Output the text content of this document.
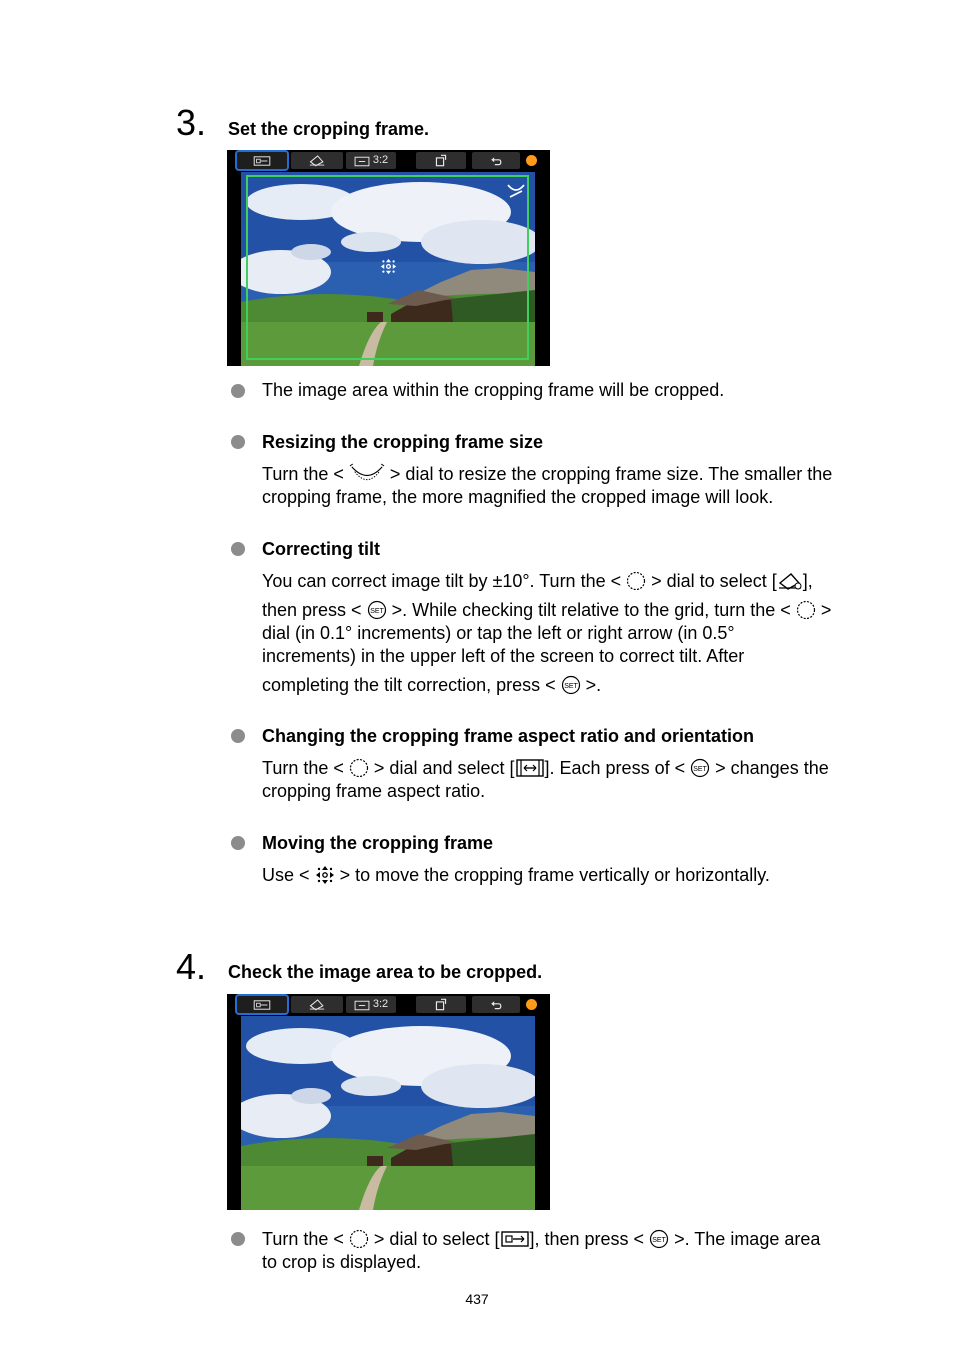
3. Set the cropping frame.
3:2
The image area within the cropping frame will be cropped.
Resizing the cropping frame size
Turn the <	> dial to resize the cropping frame size. The smaller the
cropping frame, the more magnified the cropped image will look.
Correcting tilt
You can correct image tilt by ±10°. Turn the < > dial to select [ ],
then press < >. While checking tilt relative to the grid, turn the < >
dial (in 0.1° increments) or tap the left or right arrow (in 0.5°
increments) in the upper left of the screen to correct tilt. After
completing the tilt correction, press < >.
Changing the cropping frame aspect ratio and orientation
Turn the < > dial and select [ ]. Each press of < > changes the
cropping frame aspect ratio.
Moving the cropping frame
Use < > to move the cropping frame vertically or horizontally.
4. Check the image area to be cropped.
3:2
Turn the < > dial to select [ ], then press < >. The image area
to crop is displayed.
437
